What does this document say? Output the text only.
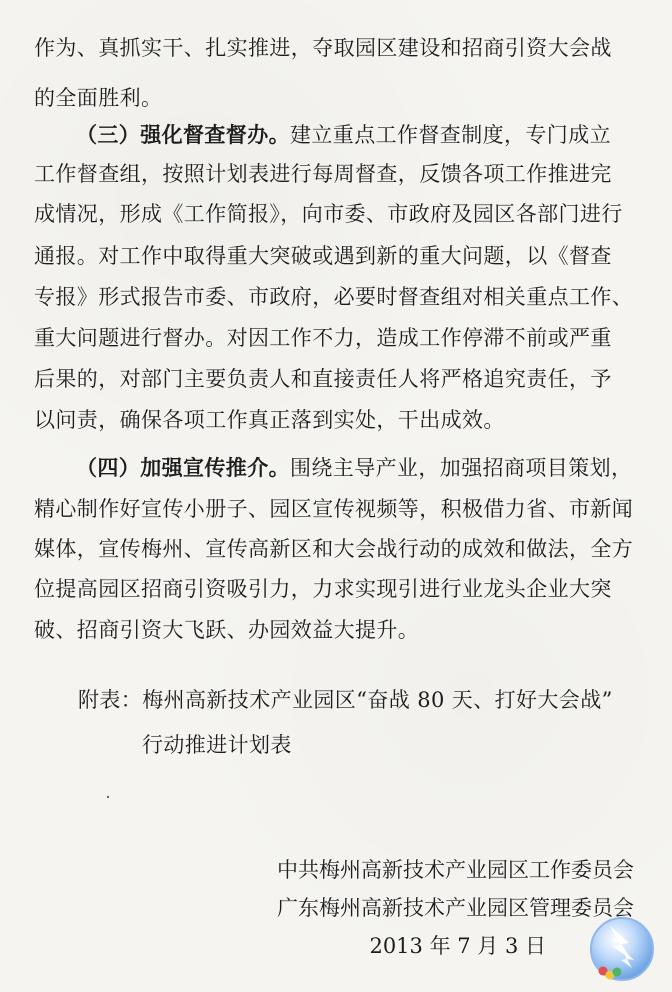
作为、真抓实干、扎实推进，夺取园区建设和招商引资大会战
的全面胜利。
（三）强化督查督办。建立重点工作督查制度，专门成立
工作督查组，按照计划表进行每周督查，反馈各项工作推进完
成情况，形成《工作简报》，向市委、市政府及园区各部门进行
通报。对工作中取得重大突破或遇到新的重大问题，以《督查
专报》形式报告市委、市政府，必要时督查组对相关重点工作、
重大问题进行督办。对因工作不力，造成工作停滞不前或严重
后果的，对部门主要负责人和直接责任人将严格追究责任，予
以问责，确保各项工作真正落到实处，干出成效。
（四）加强宣传推介。围绕主导产业，加强招商项目策划，
精心制作好宣传小册子、园区宣传视频等，积极借力省、市新闻
媒体，宣传梅州、宣传高新区和大会战行动的成效和做法，全方
位提高园区招商引资吸引力，力求实现引进行业龙头企业大突
破、招商引资大飞跃、办园效益大提升。
附表：梅州高新技术产业园区“奋战 80 天、打好大会战”
行动推进计划表
中共梅州高新技术产业园区工作委员会
广东梅州高新技术产业园区管理委员会
2013 年 7 月 3 日
